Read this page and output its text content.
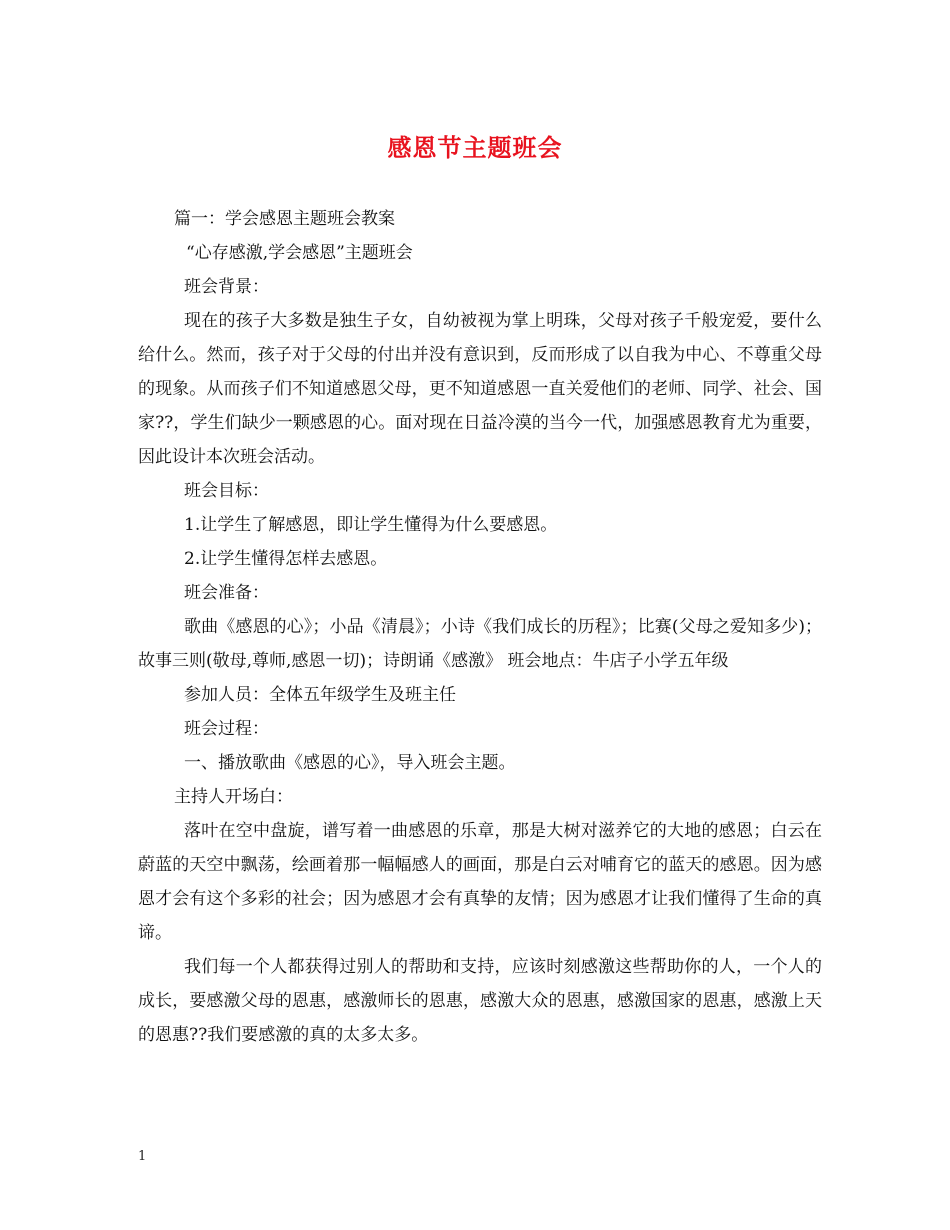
感恩节主题班会

篇一：学会感恩主题班会教案

“心存感激,学会感恩”主题班会

班会背景：

现在的孩子大多数是独生子女，自幼被视为掌上明珠，父母对孩子千般宠爱，要什么给什么。然而，孩子对于父母的付出并没有意识到，反而形成了以自我为中心、不尊重父母的现象。从而孩子们不知道感恩父母，更不知道感恩一直关爱他们的老师、同学、社会、国家??，学生们缺少一颗感恩的心。面对现在日益冷漠的当今一代，加强感恩教育尤为重要，因此设计本次班会活动。

班会目标：

1.让学生了解感恩，即让学生懂得为什么要感恩。

2.让学生懂得怎样去感恩。

班会准备：

歌曲《感恩的心》；小品《清晨》；小诗《我们成长的历程》；比赛(父母之爱知多少)；故事三则(敬母,尊师,感恩一切)；诗朗诵《感激》 班会地点：牛店子小学五年级

参加人员：全体五年级学生及班主任

班会过程：

一、播放歌曲《感恩的心》，导入班会主题。

主持人开场白：

落叶在空中盘旋，谱写着一曲感恩的乐章，那是大树对滋养它的大地的感恩；白云在蔚蓝的天空中飘荡，绘画着那一幅幅感人的画面，那是白云对哺育它的蓝天的感恩。因为感恩才会有这个多彩的社会；因为感恩才会有真挚的友情；因为感恩才让我们懂得了生命的真谛。

我们每一个人都获得过别人的帮助和支持，应该时刻感激这些帮助你的人，一个人的成长，要感激父母的恩惠，感激师长的恩惠，感激大众的恩惠，感激国家的恩惠，感激上天的恩惠??我们要感激的真的太多太多。

1
